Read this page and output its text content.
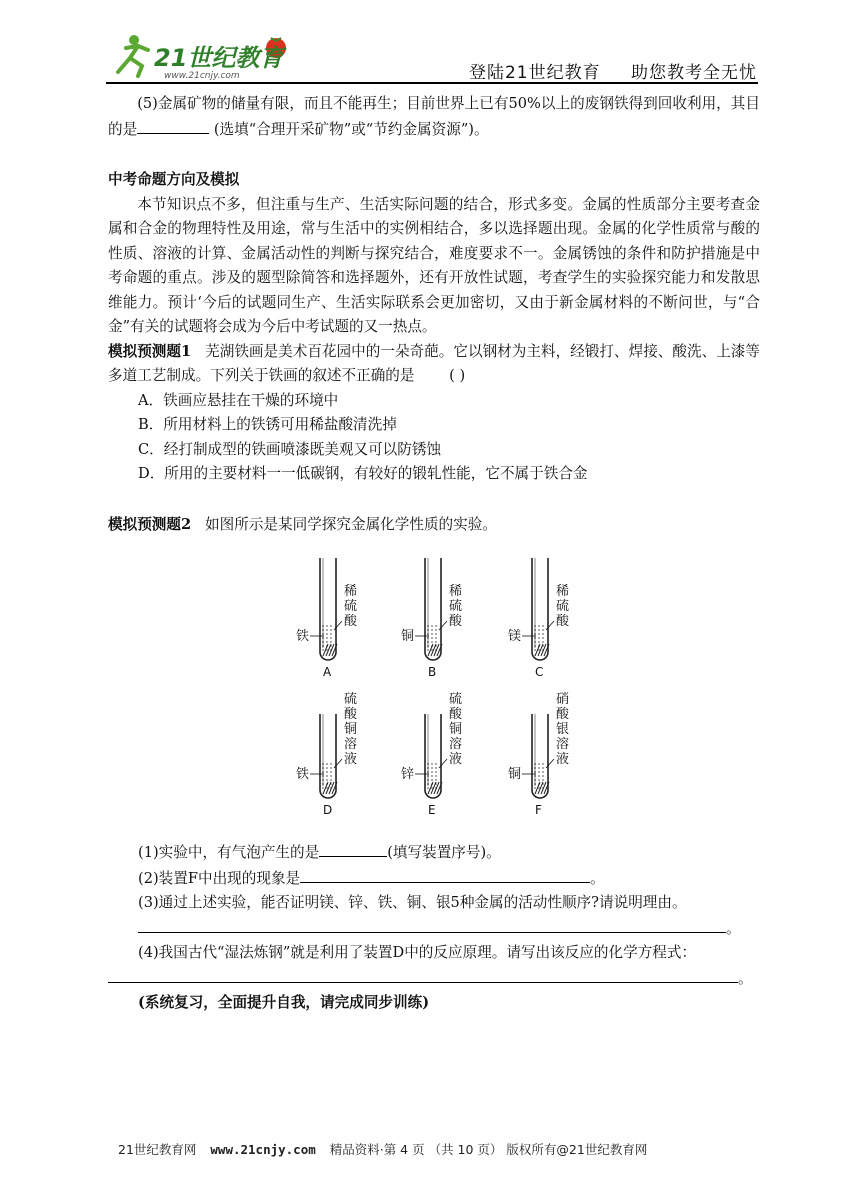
21世纪教育
www.21cnjy.com	登陆21世纪教育 助您教考全无忧

(5)金属矿物的储量有限，而且不能再生；目前世界上已有50%以上的废钢铁得到回收利用，其目的是	(选填“合理开采矿物”或“节约金属资源”)。

中考命题方向及模拟

本节知识点不多，但注重与生产、生活实际问题的结合，形式多变。金属的性质部分主要考查金属和合金的物理特性及用途，常与生活中的实例相结合，多以选择题出现。金属的化学性质常与酸的性质、溶液的计算、金属活动性的判断与探究结合，难度要求不一。金属锈蚀的条件和防护措施是中考命题的重点。涉及的题型除简答和选择题外，还有开放性试题，考查学生的实验探究能力和发散思维能力。预计‘今后的试题同生产、生活实际联系会更加密切，又由于新金属材料的不断问世，与“合金”有关的试题将会成为今后中考试题的又一热点。

模拟预测题1 芜湖铁画是美术百花园中的一朵奇葩。它以钢材为主料，经锻打、焊接、酸洗、上漆等多道工艺制成。下列关于铁画的叙述不正确的是 ( )

A．铁画应悬挂在干燥的环境中

B．所用材料上的铁锈可用稀盐酸清洗掉

C．经打制成型的铁画喷漆既美观又可以防锈蚀

D．所用的主要材料一一低碳钢，有较好的锻轧性能，它不属于铁合金

模拟预测题2 如图所示是某同学探究金属化学性质的实验。

铁
稀
硫
酸
A
铜
稀
硫
酸
B
镁
稀
硫
酸
C
铁
硫
酸
铜
溶
液
D
锌
硫
酸
铜
溶
液
E
铜
硝
酸
银
溶
液
F

(1)实验中，有气泡产生的是	(填写装置序号)。

(2)装置F中出现的现象是	。

(3)通过上述实验，能否证明镁、锌、铁、铜、银5种金属的活动性顺序?请说明理由。

。

(4)我国古代“湿法炼钢”就是利用了装置D中的反应原理。请写出该反应的化学方程式：

。

(系统复习，全面提升自我，请完成同步训练)

21世纪教育网 www.21cnjy.com 精品资料·第 4 页 （共 10 页） 版权所有@21世纪教育网
